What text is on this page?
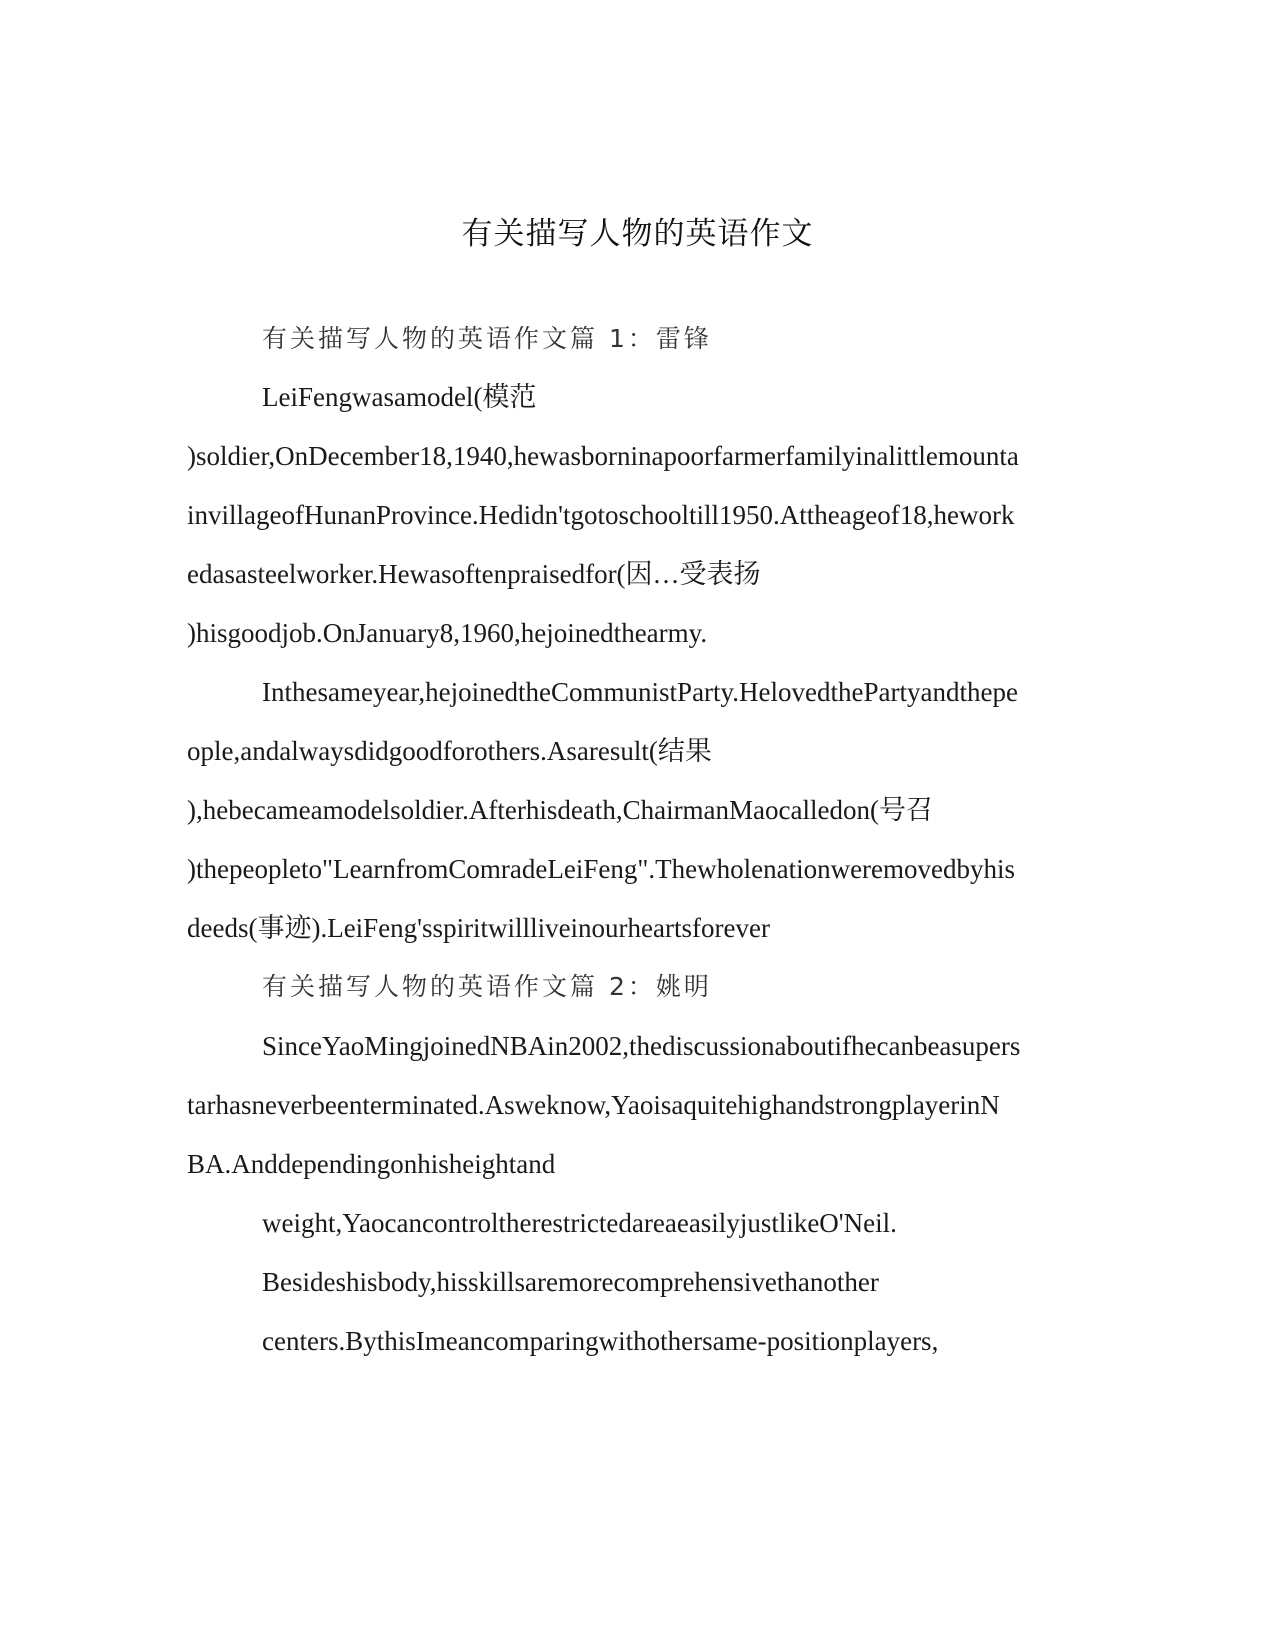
有关描写人物的英语作文
有关描写人物的英语作文篇 1：雷锋
LeiFengwasamodel(模范
)soldier,OnDecember18,1940,hewasborninapoorfarmerfamilyinalittlemounta
invillageofHunanProvince.Hedidn'tgotoschooltill1950.Attheageof18,hework
edasasteelworker.Hewasoftenpraisedfor(因…受表扬
)hisgoodjob.OnJanuary8,1960,hejoinedthearmy.
Inthesameyear,hejoinedtheCommunistParty.HelovedthePartyandthepe
ople,andalwaysdidgoodforothers.Asaresult(结果
),hebecameamodelsoldier.Afterhisdeath,ChairmanMaocalledon(号召
)thepeopleto"LearnfromComradeLeiFeng".Thewholenationweremovedbyhis
deeds(事迹).LeiFeng'sspiritwillliveinourheartsforever
有关描写人物的英语作文篇 2：姚明
SinceYaoMingjoinedNBAin2002,thediscussionaboutifhecanbeasupers
tarhasneverbeenterminated.Asweknow,YaoisaquitehighandstrongplayerinN
BA.Anddependingonhisheightand
weight,YaocancontroltherestrictedareaeasilyjustlikeO'Neil.
Besideshisbody,hisskillsaremorecomprehensivethanother
centers.BythisImeancomparingwithothersame-positionplayers,
